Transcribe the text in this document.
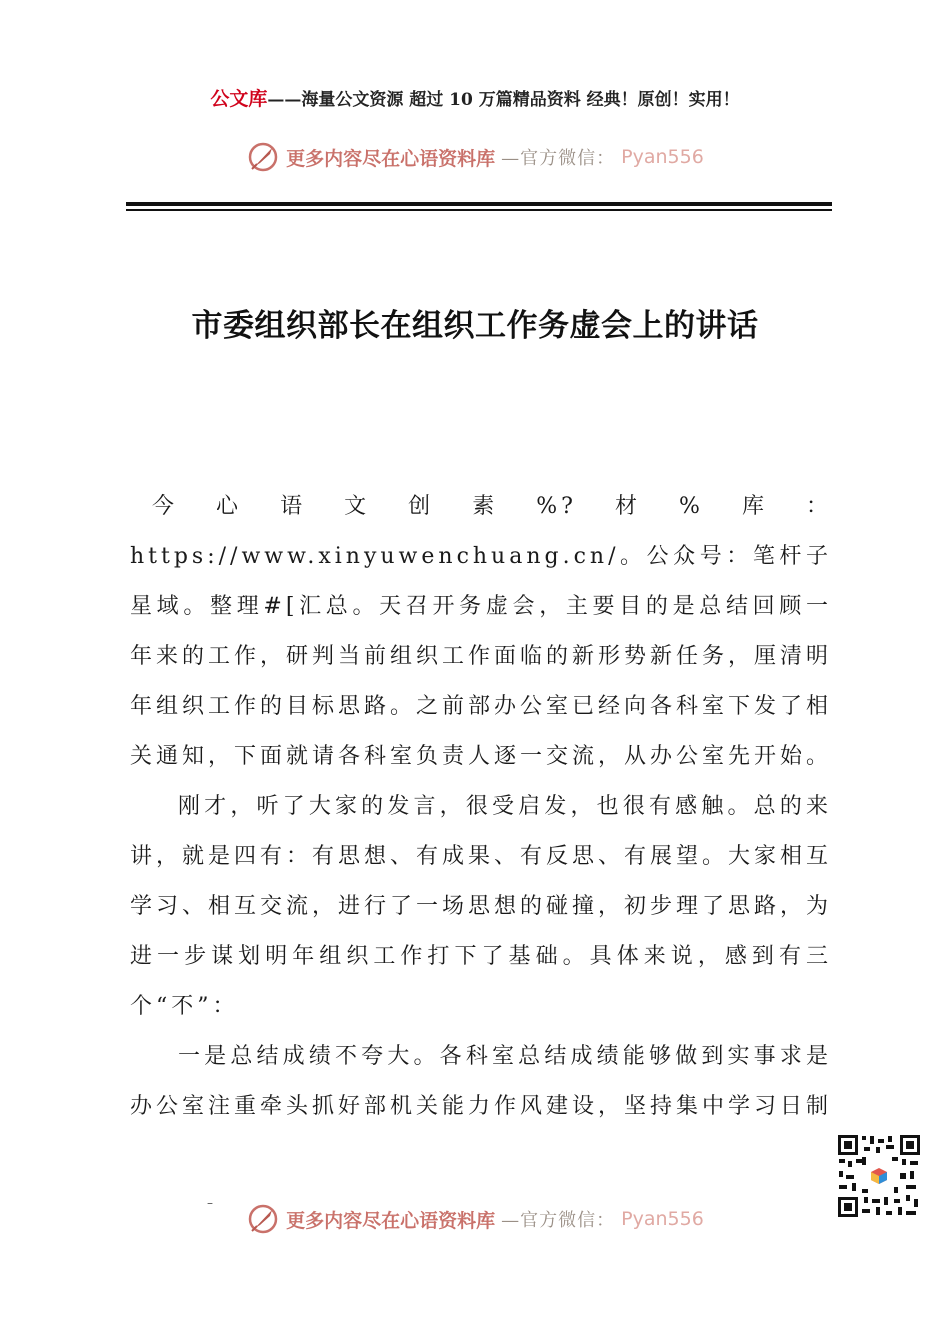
公文库——海量公文资源 超过 10 万篇精品资料 经典！原创！实用！
更多内容尽在心语资料库 —官方微信： Pyan556
市委组织部长在组织工作务虚会上的讲话

今心语文创素%?材%库：https://www.xinyuwenchuang.cn/。公众号：笔杆子星域。整理#[汇总。天召开务虚会，主要目的是总结回顾一年来的工作，研判当前组织工作面临的新形势新任务，厘清明年组织工作的目标思路。之前部办公室已经向各科室下发了相关通知，下面就请各科室负责人逐一交流，从办公室先开始。

刚才，听了大家的发言，很受启发，也很有感触。总的来讲，就是四有：有思想、有成果、有反思、有展望。大家相互学习、相互交流，进行了一场思想的碰撞，初步理了思路，为进一步谋划明年组织工作打下了基础。具体来说，感到有三个“不”：

一是总结成绩不夸大。各科室总结成绩能够做到实事求是办公室注重牵头抓好部机关能力作风建设，坚持集中学习日制

–
更多内容尽在心语资料库 —官方微信： Pyan556
